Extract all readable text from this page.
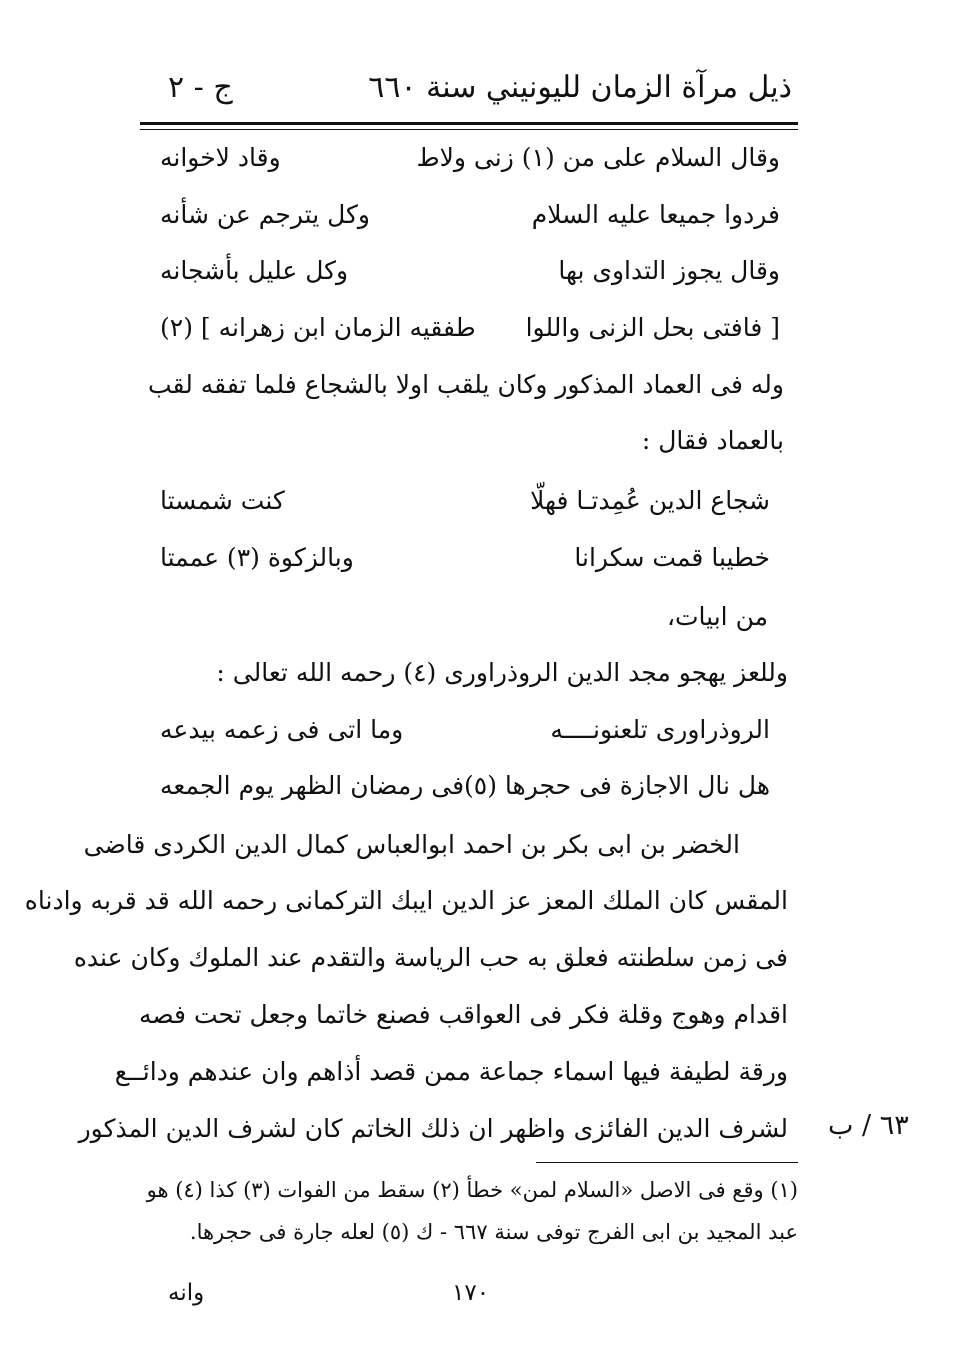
ذيل مرآة الزمان لليونيني سنة ٦٦٠
ج - ٢
وقال السلام على من (١) زنى ولاط
وقاد لاخوانه
فردوا جميعا عليه السلام
وكل يترجم عن شأنه
وقال يجوز التداوى بها
وكل عليل بأشجانه
[ فافتى بحل الزنى واللوا
طفقيه الزمان ابن زهرانه ] (٢)
وله فى العماد المذكور وكان يلقب اولا بالشجاع فلما تفقه لقب
بالعماد فقال :
شجاع الدين عُمِدتـا فهلّا
كنت شمستا
خطيبا قمت سكرانا
وبالزكوة (٣) عممتا
من ابيات،
وللعز يهجو مجد الدين الروذراورى (٤) رحمه الله تعالى :
الروذراورى تلعنونــــه
وما اتى فى زعمه بيدعه
هل نال الاجازة فى حجرها (٥)
فى رمضان الظهر يوم الجمعه
الخضر بن ابى بكر بن احمد ابوالعباس كمال الدين الكردى قاضى
المقس كان الملك المعز عز الدين ايبك التركمانى رحمه الله قد قربه وادناه
فى زمن سلطنته فعلق به حب الرياسة والتقدم عند الملوك وكان عنده
اقدام وهوج وقلة فكر فى العواقب فصنع خاتما وجعل تحت فصه
ورقة لطيفة فيها اسماء جماعة ممن قصد أذاهم وان عندهم ودائــع
لشرف الدين الفائزى واظهر ان ذلك الخاتم كان لشرف الدين المذكور ٦٣ / ب
(١) وقع فى الاصل «السلام لمن» خطأ (٢) سقط من الفوات (٣) كذا (٤) هو
عبد المجيد بن ابى الفرج توفى سنة ٦٦٧ - ك (٥) لعله جارة فى حجرها.
وانه	١٧٠
